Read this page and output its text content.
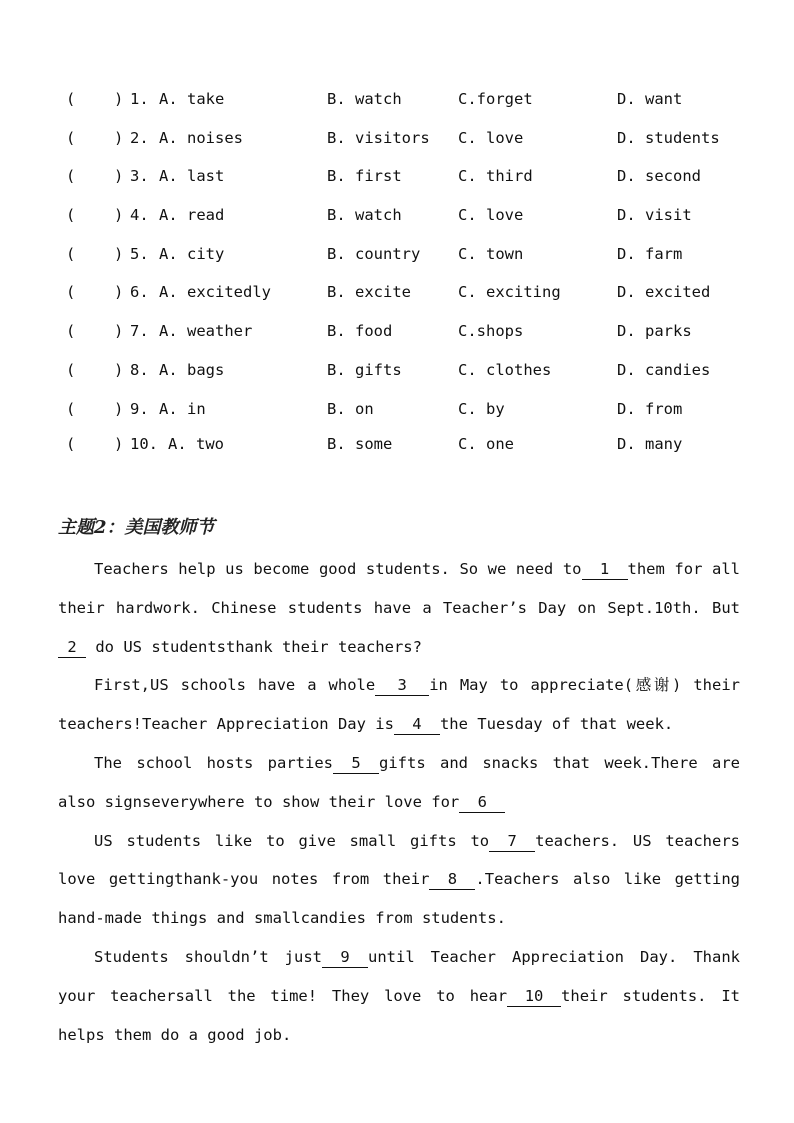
( ) 1. A. take	B. watch	C.forget	D. want
( ) 2. A. noises	B. visitors C. love	D. students
( ) 3. A. last	B. first	C. third	D. second
( ) 4. A. read	B. watch	C. love	D. visit
( ) 5. A. city	B. country C. town	D. farm
( ) 6. A. excitedly	B. excite	C. exciting	D. excited
( ) 7. A. weather	B. food	C.shops	D. parks
( ) 8. A. bags	B. gifts	C. clothes	D. candies
( ) 9. A. in	B. on	C. by	D. from
( ) 10. A. two	B. some	C. one	D. many
主题2：美国教师节

Teachers help us become good students. So we need to 1 them for all their hardwork. Chinese students have a Teacher’s Day on Sept.10th. But2 do US studentsthank their teachers?

First,US schools have a whole 3 in May to appreciate(感谢) their teachers!Teacher Appreciation Day is 4 the Tuesday of that week.

The school hosts parties 5 gifts and snacks that week.There are also signseverywhere to show their love for 6

US students like to give small gifts to 7 teachers. US teachers love gettingthank-you notes from their 8 .Teachers also like getting hand-made things and smallcandies from students.

Students shouldn’t just 9 until Teacher Appreciation Day. Thank your teachersall the time! They love to hear 10 their students. It helps them do a good job.
